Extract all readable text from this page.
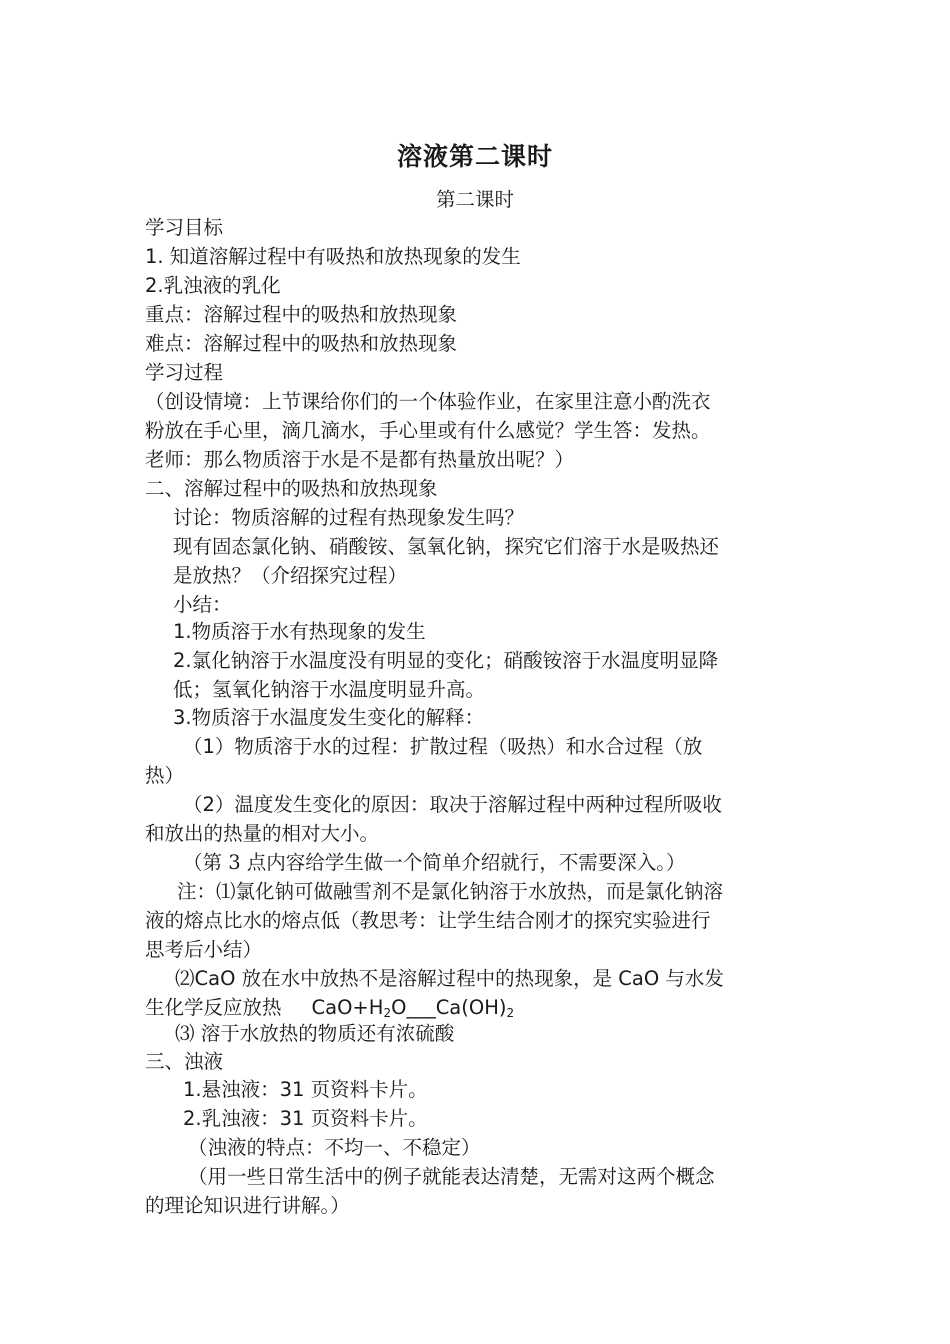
溶液第二课时
第二课时
学习目标
1. 知道溶解过程中有吸热和放热现象的发生
2.乳浊液的乳化
重点：溶解过程中的吸热和放热现象
难点：溶解过程中的吸热和放热现象
学习过程
（创设情境：上节课给你们的一个体验作业，在家里注意小酌洗衣
粉放在手心里，滴几滴水，手心里或有什么感觉？学生答：发热。
老师：那么物质溶于水是不是都有热量放出呢？）
二、溶解过程中的吸热和放热现象
讨论：物质溶解的过程有热现象发生吗？
现有固态氯化钠、硝酸铵、氢氧化钠，探究它们溶于水是吸热还
是放热？（介绍探究过程）
小结：
1.物质溶于水有热现象的发生
2.氯化钠溶于水温度没有明显的变化；硝酸铵溶于水温度明显降
低；氢氧化钠溶于水温度明显升高。
3.物质溶于水温度发生变化的解释：
（1）物质溶于水的过程：扩散过程（吸热）和水合过程（放
热）
（2）温度发生变化的原因：取决于溶解过程中两种过程所吸收
和放出的热量的相对大小。
（第 3 点内容给学生做一个简单介绍就行，不需要深入。）
注：⑴氯化钠可做融雪剂不是氯化钠溶于水放热，而是氯化钠溶
液的熔点比水的熔点低（教思考：让学生结合刚才的探究实验进行
思考后小结）
⑵CaO 放在水中放热不是溶解过程中的热现象，是 CaO 与水发
生化学反应放热 $CaO+H_2O\_\_\_Ca(OH)_2$
⑶ 溶于水放热的物质还有浓硫酸
三、浊液
1.悬浊液：31 页资料卡片。
2.乳浊液：31 页资料卡片。
（浊液的特点：不均一、不稳定）
（用一些日常生活中的例子就能表达清楚，无需对这两个概念
的理论知识进行讲解。）
